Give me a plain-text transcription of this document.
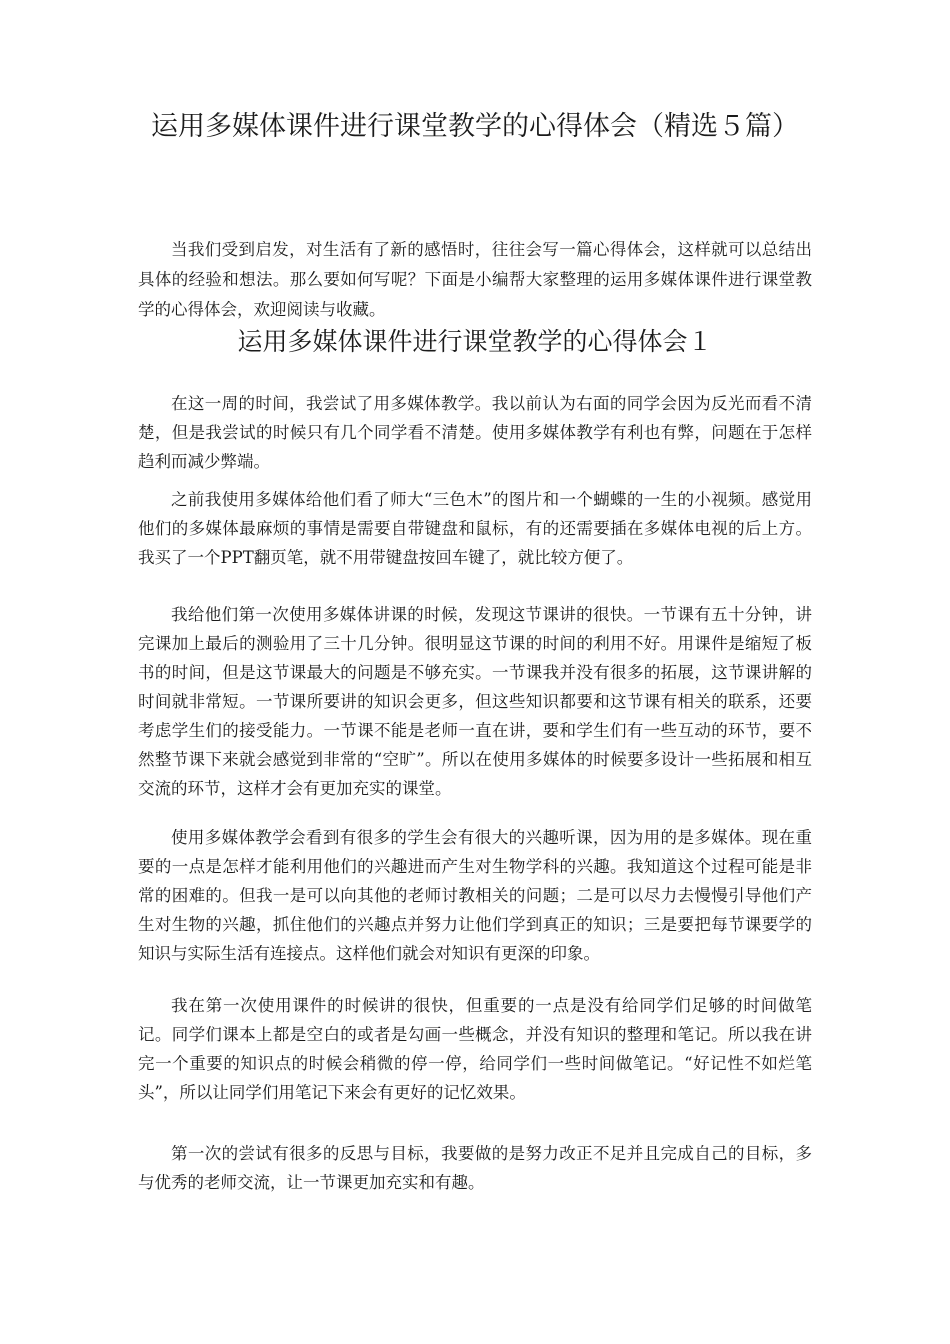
运用多媒体课件进行课堂教学的心得体会（精选５篇）

当我们受到启发，对生活有了新的感悟时，往往会写一篇心得体会，这样就可以总结出具体的经验和想法。那么要如何写呢？下面是小编帮大家整理的运用多媒体课件进行课堂教学的心得体会，欢迎阅读与收藏。

运用多媒体课件进行课堂教学的心得体会１

在这一周的时间，我尝试了用多媒体教学。我以前认为右面的同学会因为反光而看不清楚，但是我尝试的时候只有几个同学看不清楚。使用多媒体教学有利也有弊，问题在于怎样趋利而减少弊端。

之前我使用多媒体给他们看了师大“三色木”的图片和一个蝴蝶的一生的小视频。感觉用他们的多媒体最麻烦的事情是需要自带键盘和鼠标，有的还需要插在多媒体电视的后上方。我买了一个PPT翻页笔，就不用带键盘按回车键了，就比较方便了。

我给他们第一次使用多媒体讲课的时候，发现这节课讲的很快。一节课有五十分钟，讲完课加上最后的测验用了三十几分钟。很明显这节课的时间的利用不好。用课件是缩短了板书的时间，但是这节课最大的问题是不够充实。一节课我并没有很多的拓展，这节课讲解的时间就非常短。一节课所要讲的知识会更多，但这些知识都要和这节课有相关的联系，还要考虑学生们的接受能力。一节课不能是老师一直在讲，要和学生们有一些互动的环节，要不然整节课下来就会感觉到非常的“空旷”。所以在使用多媒体的时候要多设计一些拓展和相互交流的环节，这样才会有更加充实的课堂。

使用多媒体教学会看到有很多的学生会有很大的兴趣听课，因为用的是多媒体。现在重要的一点是怎样才能利用他们的兴趣进而产生对生物学科的兴趣。我知道这个过程可能是非常的困难的。但我一是可以向其他的老师讨教相关的问题；二是可以尽力去慢慢引导他们产生对生物的兴趣，抓住他们的兴趣点并努力让他们学到真正的知识；三是要把每节课要学的知识与实际生活有连接点。这样他们就会对知识有更深的印象。

我在第一次使用课件的时候讲的很快，但重要的一点是没有给同学们足够的时间做笔记。同学们课本上都是空白的或者是勾画一些概念，并没有知识的整理和笔记。所以我在讲完一个重要的知识点的时候会稍微的停一停，给同学们一些时间做笔记。“好记性不如烂笔头”，所以让同学们用笔记下来会有更好的记忆效果。

第一次的尝试有很多的反思与目标，我要做的是努力改正不足并且完成自己的目标，多与优秀的老师交流，让一节课更加充实和有趣。
